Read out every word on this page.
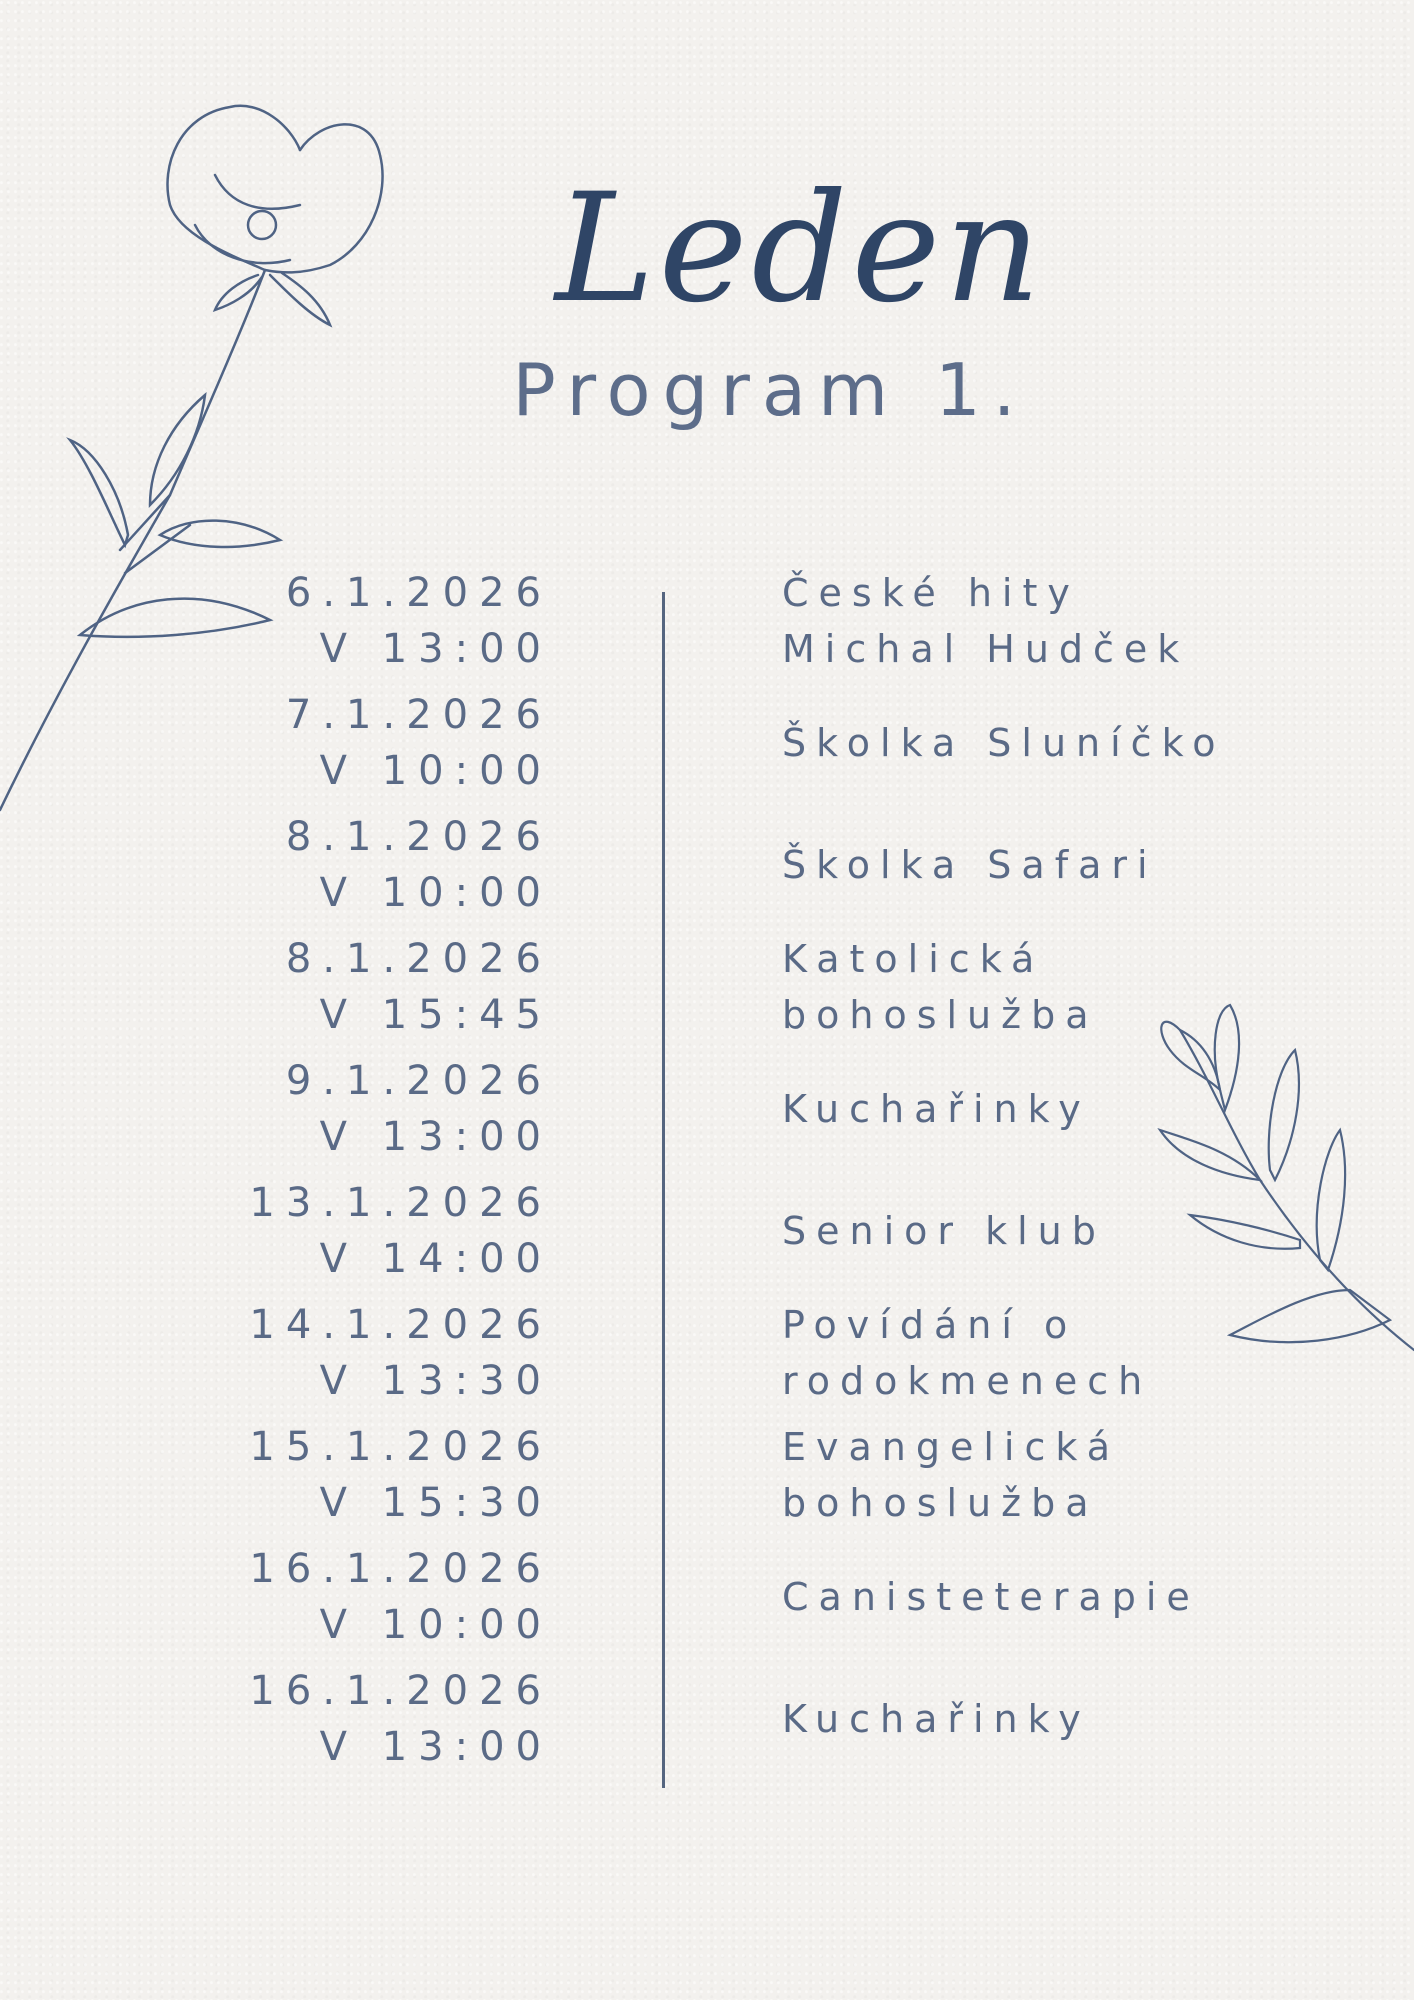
Leden
Program 1.
6.1.2026
V 13:00
7.1.2026
V 10:00
8.1.2026
V 10:00
8.1.2026
V 15:45
9.1.2026
V 13:00
13.1.2026
V 14:00
14.1.2026
V 13:30
15.1.2026
V 15:30
16.1.2026
V 10:00
16.1.2026
V 13:00
České hity
Michal Hudček
Školka Sluníčko
Školka Safari
Katolická
bohoslužba
Kuchařinky
Senior klub
Povídání o
rodokmenech
Evangelická
bohoslužba
Canisteterapie
Kuchařinky
